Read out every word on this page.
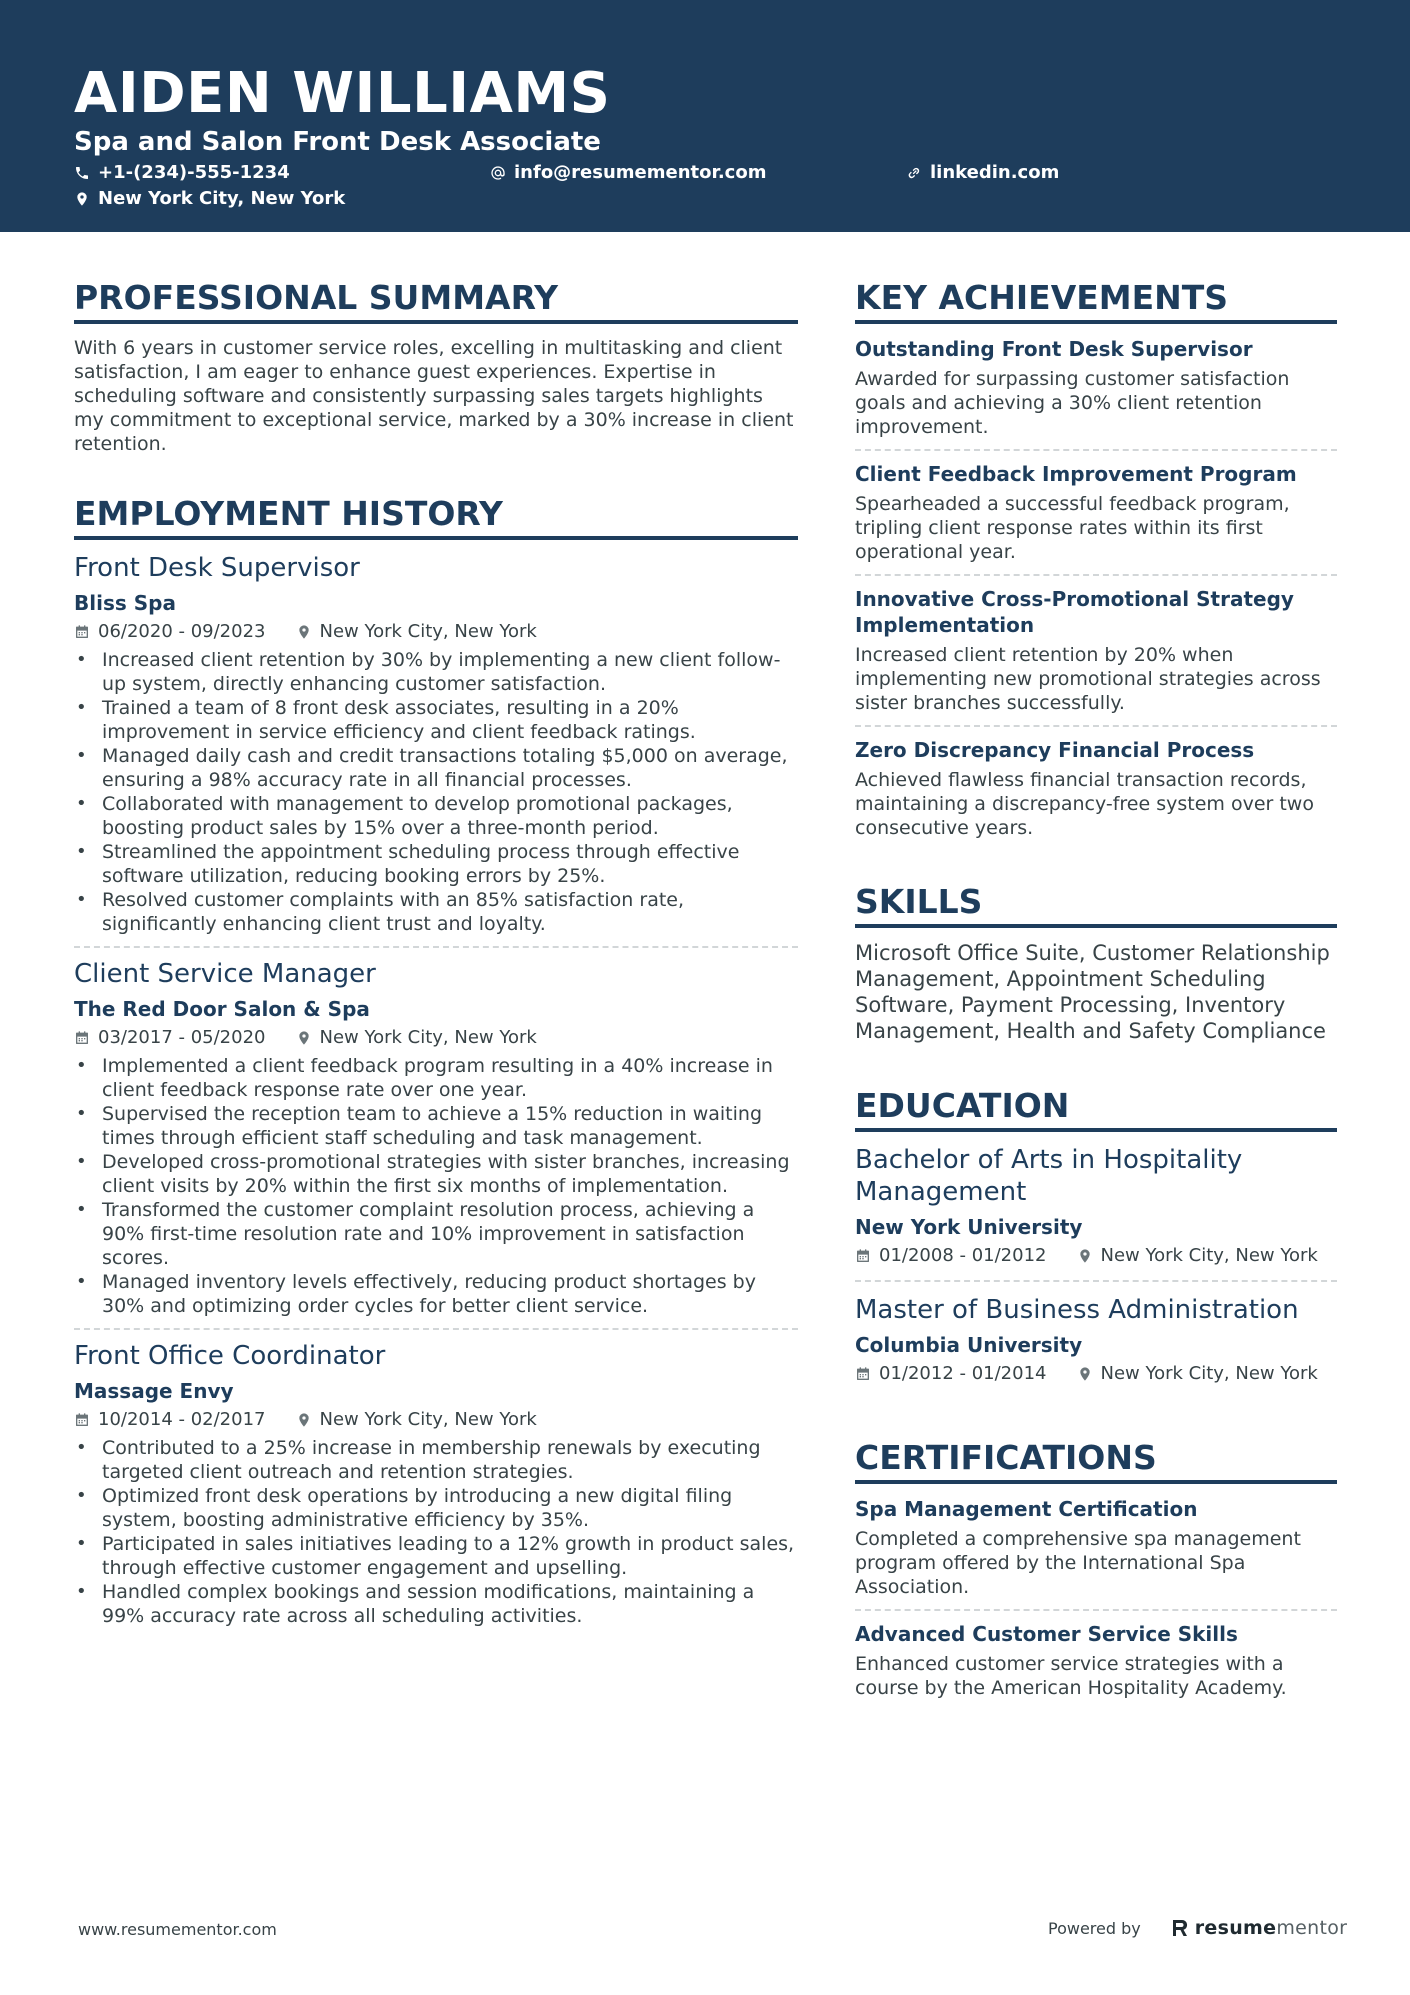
AIDEN WILLIAMS
Spa and Salon Front Desk Associate
+1-(234)-555-1234	info@resumementor.com	linkedin.com
New York City, New York
PROFESSIONAL SUMMARY

With 6 years in customer service roles, excelling in multitasking and client satisfaction, I am eager to enhance guest experiences. Expertise in scheduling software and consistently surpassing sales targets highlights my commitment to exceptional service, marked by a 30% increase in client retention.

EMPLOYMENT HISTORY
Front Desk Supervisor
Bliss Spa
06/2020 - 09/2023	New York City, New York
• Increased client retention by 30% by implementing a new client follow-up system, directly enhancing customer satisfaction.
• Trained a team of 8 front desk associates, resulting in a 20% improvement in service efficiency and client feedback ratings.
• Managed daily cash and credit transactions totaling $5,000 on average, ensuring a 98% accuracy rate in all financial processes.
• Collaborated with management to develop promotional packages, boosting product sales by 15% over a three-month period.
• Streamlined the appointment scheduling process through effective software utilization, reducing booking errors by 25%.
• Resolved customer complaints with an 85% satisfaction rate, significantly enhancing client trust and loyalty.
Client Service Manager
The Red Door Salon & Spa
03/2017 - 05/2020	New York City, New York
• Implemented a client feedback program resulting in a 40% increase in client feedback response rate over one year.
• Supervised the reception team to achieve a 15% reduction in waiting times through efficient staff scheduling and task management.
• Developed cross-promotional strategies with sister branches, increasing client visits by 20% within the first six months of implementation.
• Transformed the customer complaint resolution process, achieving a 90% first-time resolution rate and 10% improvement in satisfaction scores.
• Managed inventory levels effectively, reducing product shortages by 30% and optimizing order cycles for better client service.
Front Office Coordinator
Massage Envy
10/2014 - 02/2017	New York City, New York
• Contributed to a 25% increase in membership renewals by executing targeted client outreach and retention strategies.
• Optimized front desk operations by introducing a new digital filing system, boosting administrative efficiency by 35%.
• Participated in sales initiatives leading to a 12% growth in product sales, through effective customer engagement and upselling.
• Handled complex bookings and session modifications, maintaining a 99% accuracy rate across all scheduling activities.
KEY ACHIEVEMENTS
Outstanding Front Desk Supervisor
Awarded for surpassing customer satisfaction goals and achieving a 30% client retention improvement.
Client Feedback Improvement Program
Spearheaded a successful feedback program, tripling client response rates within its first operational year.
Innovative Cross-Promotional Strategy Implementation
Increased client retention by 20% when implementing new promotional strategies across sister branches successfully.
Zero Discrepancy Financial Process
Achieved flawless financial transaction records, maintaining a discrepancy-free system over two consecutive years.
SKILLS

Microsoft Office Suite, Customer Relationship Management, Appointment Scheduling Software, Payment Processing, Inventory Management, Health and Safety Compliance

EDUCATION
Bachelor of Arts in Hospitality Management
New York University
01/2008 - 01/2012	New York City, New York
Master of Business Administration
Columbia University
01/2012 - 01/2014	New York City, New York
CERTIFICATIONS
Spa Management Certification
Completed a comprehensive spa management program offered by the International Spa Association.
Advanced Customer Service Skills
Enhanced customer service strategies with a course by the American Hospitality Academy.
www.resumementor.com	Powered by	resumementor
